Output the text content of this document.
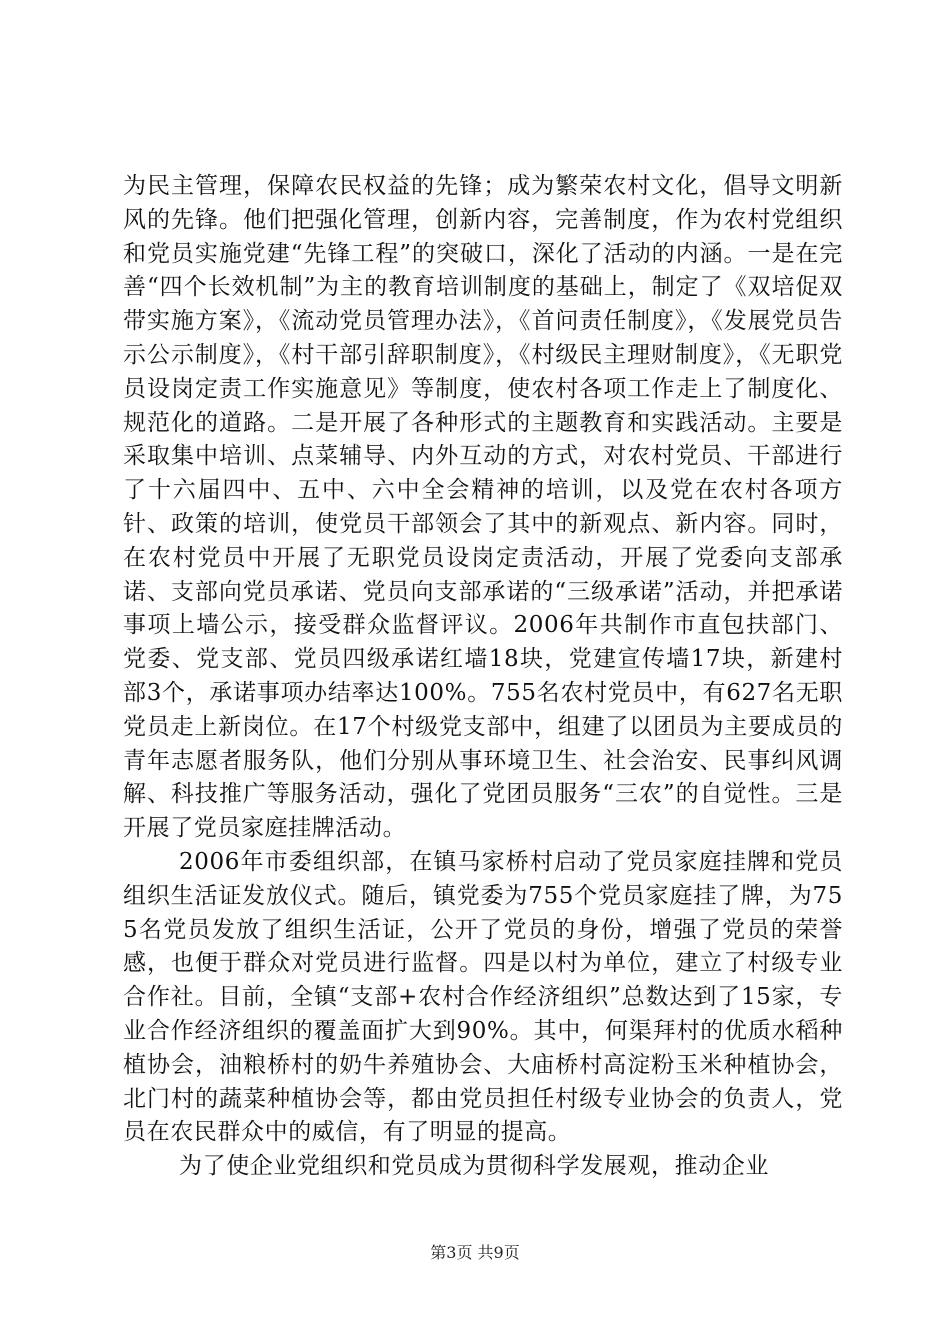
为民主管理，保障农民权益的先锋；成为繁荣农村文化，倡导文明新风的先锋。他们把强化管理，创新内容，完善制度，作为农村党组织和党员实施党建“先锋工程”的突破口，深化了活动的内涵。一是在完善“四个长效机制”为主的教育培训制度的基础上，制定了《双培促双带实施方案》，《流动党员管理办法》，《首问责任制度》，《发展党员告示公示制度》，《村干部引辞职制度》，《村级民主理财制度》，《无职党员设岗定责工作实施意见》等制度，使农村各项工作走上了制度化、规范化的道路。二是开展了各种形式的主题教育和实践活动。主要是采取集中培训、点菜辅导、内外互动的方式，对农村党员、干部进行了十六届四中、五中、六中全会精神的培训，以及党在农村各项方针、政策的培训，使党员干部领会了其中的新观点、新内容。同时，在农村党员中开展了无职党员设岗定责活动，开展了党委向支部承诺、支部向党员承诺、党员向支部承诺的“三级承诺”活动，并把承诺事项上墙公示，接受群众监督评议。2006年共制作市直包扶部门、党委、党支部、党员四级承诺红墙18块，党建宣传墙17块，新建村部3个，承诺事项办结率达100%。755名农村党员中，有627名无职党员走上新岗位。在17个村级党支部中，组建了以团员为主要成员的青年志愿者服务队，他们分别从事环境卫生、社会治安、民事纠风调解、科技推广等服务活动，强化了党团员服务“三农”的自觉性。三是开展了党员家庭挂牌活动。

2006年市委组织部，在镇马家桥村启动了党员家庭挂牌和党员组织生活证发放仪式。随后，镇党委为755个党员家庭挂了牌，为755名党员发放了组织生活证，公开了党员的身份，增强了党员的荣誉感，也便于群众对党员进行监督。四是以村为单位，建立了村级专业合作社。目前，全镇“支部+农村合作经济组织”总数达到了15家，专业合作经济组织的覆盖面扩大到90%。其中，何渠拜村的优质水稻种植协会，油粮桥村的奶牛养殖协会、大庙桥村高淀粉玉米种植协会，北门村的蔬菜种植协会等，都由党员担任村级专业协会的负责人，党员在农民群众中的威信，有了明显的提高。

为了使企业党组织和党员成为贯彻科学发展观，推动企业

第3页 共9页
